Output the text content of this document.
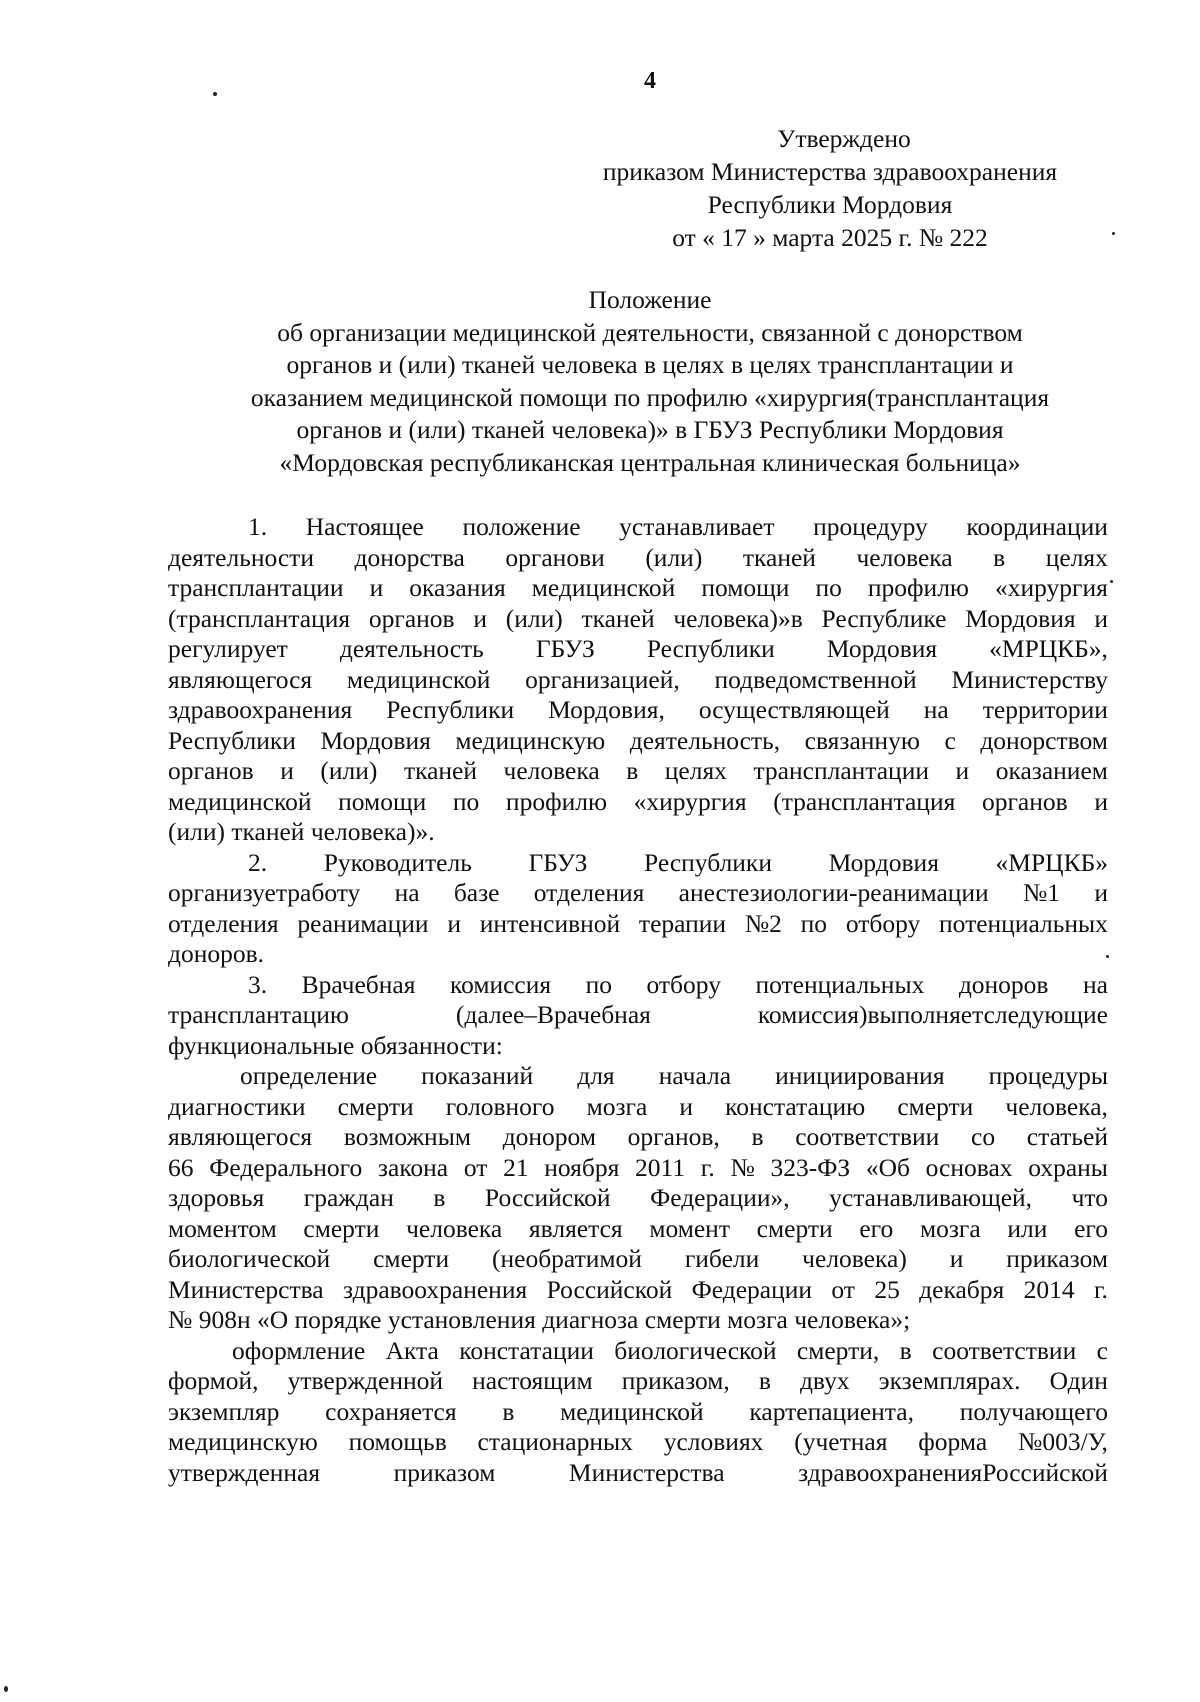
4
Утверждено
приказом Министерства здравоохранения
Республики Мордовия
от « 17 » марта 2025 г. № 222
Положение
об организации медицинской деятельности, связанной с донорством
органов и (или) тканей человека в целях в целях трансплантации и
оказанием медицинской помощи по профилю «хирургия(трансплантация
органов и (или) тканей человека)» в ГБУЗ Республики Мордовия
«Мордовская республиканская центральная клиническая больница»
1. Настоящее положение устанавливает процедуру координации
деятельности донорства органови (или) тканей человека в целях
трансплантации и оказания медицинской помощи по профилю «хирургия
(трансплантация органов и (или) тканей человека)»в Республике Мордовия и
регулирует деятельность ГБУЗ Республики Мордовия «МРЦКБ»,
являющегося медицинской организацией, подведомственной Министерству
здравоохранения Республики Мордовия, осуществляющей на территории
Республики Мордовия медицинскую деятельность, связанную с донорством
органов и (или) тканей человека в целях трансплантации и оказанием
медицинской помощи по профилю «хирургия (трансплантация органов и
(или) тканей человека)».
2. Руководитель ГБУЗ Республики Мордовия «МРЦКБ»
организуетработу на базе отделения анестезиологии-реанимации №1 и
отделения реанимации и интенсивной терапии №2 по отбору потенциальных
доноров.
3. Врачебная комиссия по отбору потенциальных доноров на
трансплантацию	(далее–Врачебная	комиссия)выполняетследующие
функциональные обязанности:
определение показаний для начала инициирования процедуры
диагностики смерти головного мозга и констатацию смерти человека,
являющегося возможным донором органов, в соответствии со статьей
66 Федерального закона от 21 ноября 2011 г. № 323-ФЗ «Об основах охраны
здоровья граждан в Российской Федерации», устанавливающей, что
моментом смерти человека является момент смерти его мозга или его
биологической смерти (необратимой гибели человека) и приказом
Министерства здравоохранения Российской Федерации от 25 декабря 2014 г.
№ 908н «О порядке установления диагноза смерти мозга человека»;
оформление Акта констатации биологической смерти, в соответствии с
формой, утвержденной настоящим приказом, в двух экземплярах. Один
экземпляр сохраняется в медицинской картепациента, получающего
медицинскую помощьв стационарных условиях (учетная форма №003/У,
утвержденная	приказом	Министерства	здравоохраненияРоссийской
